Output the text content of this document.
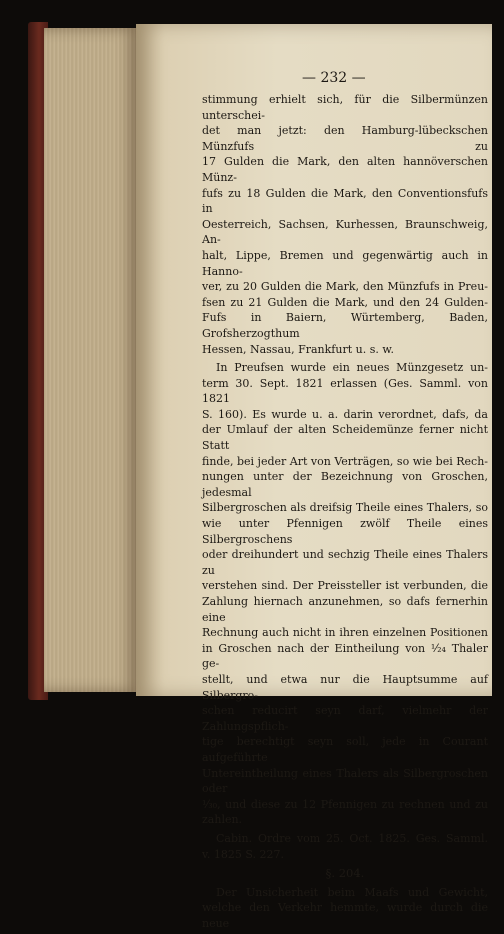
— 232 —

stimmung erhielt sich, für die Silbermünzen unterschei-

det man jetzt: den Hamburg-lübeckschen Münzfufs zu

17 Gulden die Mark, den alten hannöverschen Münz-

fufs zu 18 Gulden die Mark, den Conventionsfufs in

Oesterreich, Sachsen, Kurhessen, Braunschweig, An-

halt, Lippe, Bremen und gegenwärtig auch in Hanno-

ver, zu 20 Gulden die Mark, den Münzfufs in Preu-

fsen zu 21 Gulden die Mark, und den 24 Gulden-

Fufs in Baiern, Würtemberg, Baden, Grofsherzogthum

Hessen, Nassau, Frankfurt u. s. w.

In Preufsen wurde ein neues Münzgesetz un-

term 30. Sept. 1821 erlassen (Ges. Samml. von 1821

S. 160). Es wurde u. a. darin verordnet, dafs, da

der Umlauf der alten Scheidemünze ferner nicht Statt

finde, bei jeder Art von Verträgen, so wie bei Rech-

nungen unter der Bezeichnung von Groschen, jedesmal

Silbergroschen als dreifsig Theile eines Thalers, so

wie unter Pfennigen zwölf Theile eines Silbergroschens

oder dreihundert und sechzig Theile eines Thalers zu

verstehen sind. Der Preissteller ist verbunden, die

Zahlung hiernach anzunehmen, so dafs fernerhin eine

Rechnung auch nicht in ihren einzelnen Positionen

in Groschen nach der Eintheilung von ¹⁄₂₄ Thaler ge-

stellt, und etwa nur die Hauptsumme auf Silbergro-

schen reducirt seyn darf, vielmehr der Zahlungspflich-

tige berechtigt seyn soll, jede in Courant aufgeführte

Untereintheilung eines Thalers als Silbergroschen oder

¹⁄₃₀, und diese zu 12 Pfennigen zu rechnen und zu

zahlen.

Cabin. Ordre vom 25. Oct. 1825. Ges. Samml.

v. 1825 S. 227.

§. 204.

Der Unsicherheit beim Maafs und Gewicht,

welche den Verkehr hemmte, wurde durch die neue
